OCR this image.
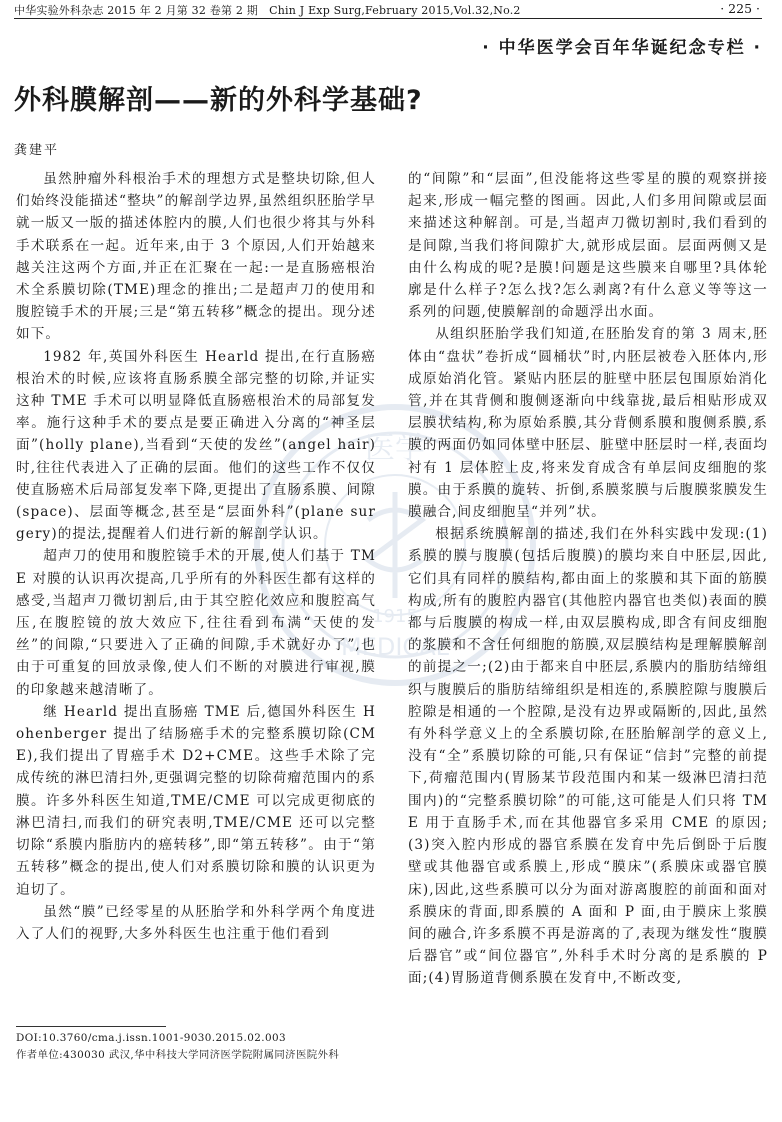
中华实验外科杂志 2015 年 2 月第 32 卷第 2 期　Chin J Exp Surg,February 2015,Vol.32,No.2	· 225 ·
· 中华医学会百年华诞纪念专栏 ·
外科膜解剖——新的外科学基础?
龚建平
医学
1915
MEDICAL

虽然肿瘤外科根治手术的理想方式是整块切除,但人们始终没能描述“整块”的解剖学边界,虽然组织胚胎学早就一版又一版的描述体腔内的膜,人们也很少将其与外科手术联系在一起。近年来,由于 3 个原因,人们开始越来越关注这两个方面,并正在汇聚在一起:一是直肠癌根治术全系膜切除(TME)理念的推出;二是超声刀的使用和腹腔镜手术的开展;三是“第五转移”概念的提出。现分述如下。

1982 年,英国外科医生 Hearld 提出,在行直肠癌根治术的时候,应该将直肠系膜全部完整的切除,并证实这种 TME 手术可以明显降低直肠癌根治术的局部复发率。施行这种手术的要点是要正确进入分离的“神圣层面”(holly plane),当看到“天使的发丝”(angel hair)时,往往代表进入了正确的层面。他们的这些工作不仅仅使直肠癌术后局部复发率下降,更提出了直肠系膜、间隙(space)、层面等概念,甚至是“层面外科”(plane surgery)的提法,提醒着人们进行新的解剖学认识。

超声刀的使用和腹腔镜手术的开展,使人们基于 TME 对膜的认识再次提高,几乎所有的外科医生都有这样的感受,当超声刀微切割后,由于其空腔化效应和腹腔高气压,在腹腔镜的放大效应下,往往看到布满“天使的发丝”的间隙,“只要进入了正确的间隙,手术就好办了”,也由于可重复的回放录像,使人们不断的对膜进行审视,膜的印象越来越清晰了。

继 Hearld 提出直肠癌 TME 后,德国外科医生 Hohenberger 提出了结肠癌手术的完整系膜切除(CME),我们提出了胃癌手术 D2+CME。这些手术除了完成传统的淋巴清扫外,更强调完整的切除荷瘤范围内的系膜。许多外科医生知道,TME/CME 可以完成更彻底的淋巴清扫,而我们的研究表明,TME/CME 还可以完整切除“系膜内脂肪内的癌转移”,即“第五转移”。由于“第五转移”概念的提出,使人们对系膜切除和膜的认识更为迫切了。

虽然“膜”已经零星的从胚胎学和外科学两个角度进入了人们的视野,大多外科医生也注重于他们看到

的“间隙”和“层面”,但没能将这些零星的膜的观察拼接起来,形成一幅完整的图画。因此,人们多用间隙或层面来描述这种解剖。可是,当超声刀微切割时,我们看到的是间隙,当我们将间隙扩大,就形成层面。层面两侧又是由什么构成的呢?是膜!问题是这些膜来自哪里?具体轮廓是什么样子?怎么找?怎么剥离?有什么意义等等这一系列的问题,使膜解剖的命题浮出水面。

从组织胚胎学我们知道,在胚胎发育的第 3 周末,胚体由“盘状”卷折成“圆桶状”时,内胚层被卷入胚体内,形成原始消化管。紧贴内胚层的脏壁中胚层包围原始消化管,并在其背侧和腹侧逐渐向中线靠拢,最后相贴形成双层膜状结构,称为原始系膜,其分背侧系膜和腹侧系膜,系膜的两面仍如同体壁中胚层、脏壁中胚层时一样,表面均衬有 1 层体腔上皮,将来发育成含有单层间皮细胞的浆膜。由于系膜的旋转、折倒,系膜浆膜与后腹膜浆膜发生膜融合,间皮细胞呈“并列”状。

根据系统膜解剖的描述,我们在外科实践中发现:(1)系膜的膜与腹膜(包括后腹膜)的膜均来自中胚层,因此,它们具有同样的膜结构,都由面上的浆膜和其下面的筋膜构成,所有的腹腔内器官(其他腔内器官也类似)表面的膜都与后腹膜的构成一样,由双层膜构成,即含有间皮细胞的浆膜和不含任何细胞的筋膜,双层膜结构是理解膜解剖的前提之一;(2)由于都来自中胚层,系膜内的脂肪结缔组织与腹膜后的脂肪结缔组织是相连的,系膜腔隙与腹膜后腔隙是相通的一个腔隙,是没有边界或隔断的,因此,虽然有外科学意义上的全系膜切除,在胚胎解剖学的意义上,没有“全”系膜切除的可能,只有保证“信封”完整的前提下,荷瘤范围内(胃肠某节段范围内和某一级淋巴清扫范围内)的“完整系膜切除”的可能,这可能是人们只将 TME 用于直肠手术,而在其他器官多采用 CME 的原因;(3)突入腔内形成的器官系膜在发育中先后倒卧于后腹壁或其他器官或系膜上,形成“膜床”(系膜床或器官膜床),因此,这些系膜可以分为面对游离腹腔的前面和面对系膜床的背面,即系膜的 A 面和 P 面,由于膜床上浆膜间的融合,许多系膜不再是游离的了,表现为继发性“腹膜后器官”或“间位器官”,外科手术时分离的是系膜的 P 面;(4)胃肠道背侧系膜在发育中,不断改变,

DOI:10.3760/cma.j.issn.1001-9030.2015.02.003
作者单位:430030 武汉,华中科技大学同济医学院附属同济医院外科
